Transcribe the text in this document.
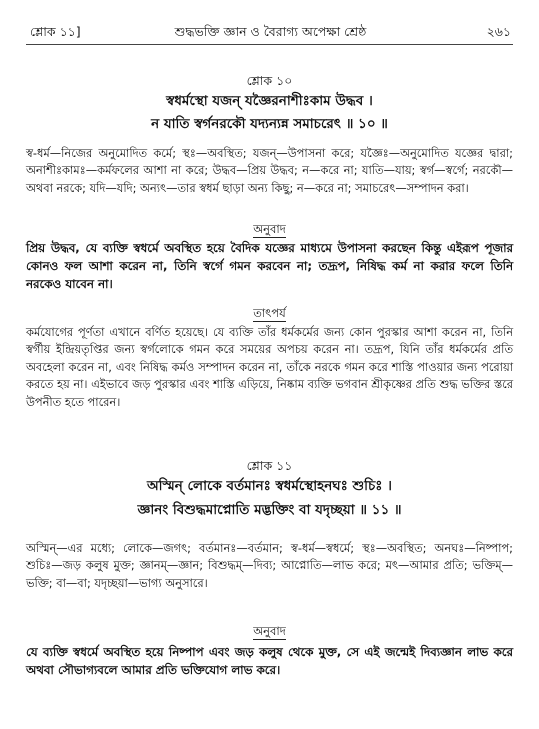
শ্লোক ১১]	শুদ্ধভক্তি জ্ঞান ও বৈরাগ্য অপেক্ষা শ্রেষ্ঠ	২৬১
শ্লোক ১০
স্বধর্মস্থো যজন্ যজ্ঞৈরনাশীঃকাম উদ্ধব ।
ন যাতি স্বর্গনরকৌ যদ্যন্যন্ন সমাচরেৎ ॥ ১০ ॥

স্ব-ধর্ম—নিজের অনুমোদিত কর্মে; স্থঃ—অবস্থিত; যজন্—উপাসনা করে; যজ্ঞৈঃ—অনুমোদিত যজ্ঞের দ্বারা; অনাশীঃকামঃ—কর্মফলের আশা না করে; উদ্ধব—প্রিয় উদ্ধব; ন—করে না; যাতি—যায়; স্বর্গ—স্বর্গে; নরকৌ—অথবা নরকে; যদি—যদি; অন্যৎ—তার স্বধর্ম ছাড়া অন্য কিছু; ন—করে না; সমাচরেৎ—সম্পাদন করা।

অনুবাদ

প্রিয় উদ্ধব, যে ব্যক্তি স্বধর্মে অবস্থিত হয়ে বৈদিক যজ্ঞের মাধ্যমে উপাসনা করছেন কিন্তু এইরূপ পূজার কোনও ফল আশা করেন না, তিনি স্বর্গে গমন করবেন না; তদ্রূপ, নিষিদ্ধ কর্ম না করার ফলে তিনি নরকেও যাবেন না।

তাৎপর্য

কর্মযোগের পূর্ণতা এখানে বর্ণিত হয়েছে। যে ব্যক্তি তাঁর ধর্মকর্মের জন্য কোন পুরস্কার আশা করেন না, তিনি স্বর্গীয় ইন্দ্রিয়তৃপ্তির জন্য স্বর্গলোকে গমন করে সময়ের অপচয় করেন না। তদ্রূপ, যিনি তাঁর ধর্মকর্মের প্রতি অবহেলা করেন না, এবং নিষিদ্ধ কর্মও সম্পাদন করেন না, তাঁকে নরকে গমন করে শাস্তি পাওয়ার জন্য পরোয়া করতে হয় না। এইভাবে জড় পুরস্কার এবং শাস্তি এড়িয়ে, নিষ্কাম ব্যক্তি ভগবান শ্রীকৃষ্ণের প্রতি শুদ্ধ ভক্তির স্তরে উপনীত হতে পারেন।

শ্লোক ১১
অস্মিন্ লোকে বর্তমানঃ স্বধর্মস্থোহনঘঃ শুচিঃ ।
জ্ঞানং বিশুদ্ধমাপ্নোতি মদ্ভক্তিং বা যদৃচ্ছয়া ॥ ১১ ॥

অস্মিন্—এর মধ্যে; লোকে—জগৎ; বর্তমানঃ—বর্তমান; স্ব-ধর্ম—স্বধর্মে; স্থঃ—অবস্থিত; অনঘঃ—নিষ্পাপ; শুচিঃ—জড় কলুষ মুক্ত; জ্ঞানম্—জ্ঞান; বিশুদ্ধম্—দিব্য; আপ্নোতি—লাভ করে; মৎ—আমার প্রতি; ভক্তিম্—ভক্তি; বা—বা; যদৃচ্ছয়া—ভাগ্য অনুসারে।

অনুবাদ

যে ব্যক্তি স্বধর্মে অবস্থিত হয়ে নিষ্পাপ এবং জড় কলুষ থেকে মুক্ত, সে এই জন্মেই দিব্যজ্ঞান লাভ করে অথবা সৌভাগ্যবলে আমার প্রতি ভক্তিযোগ লাভ করে।
